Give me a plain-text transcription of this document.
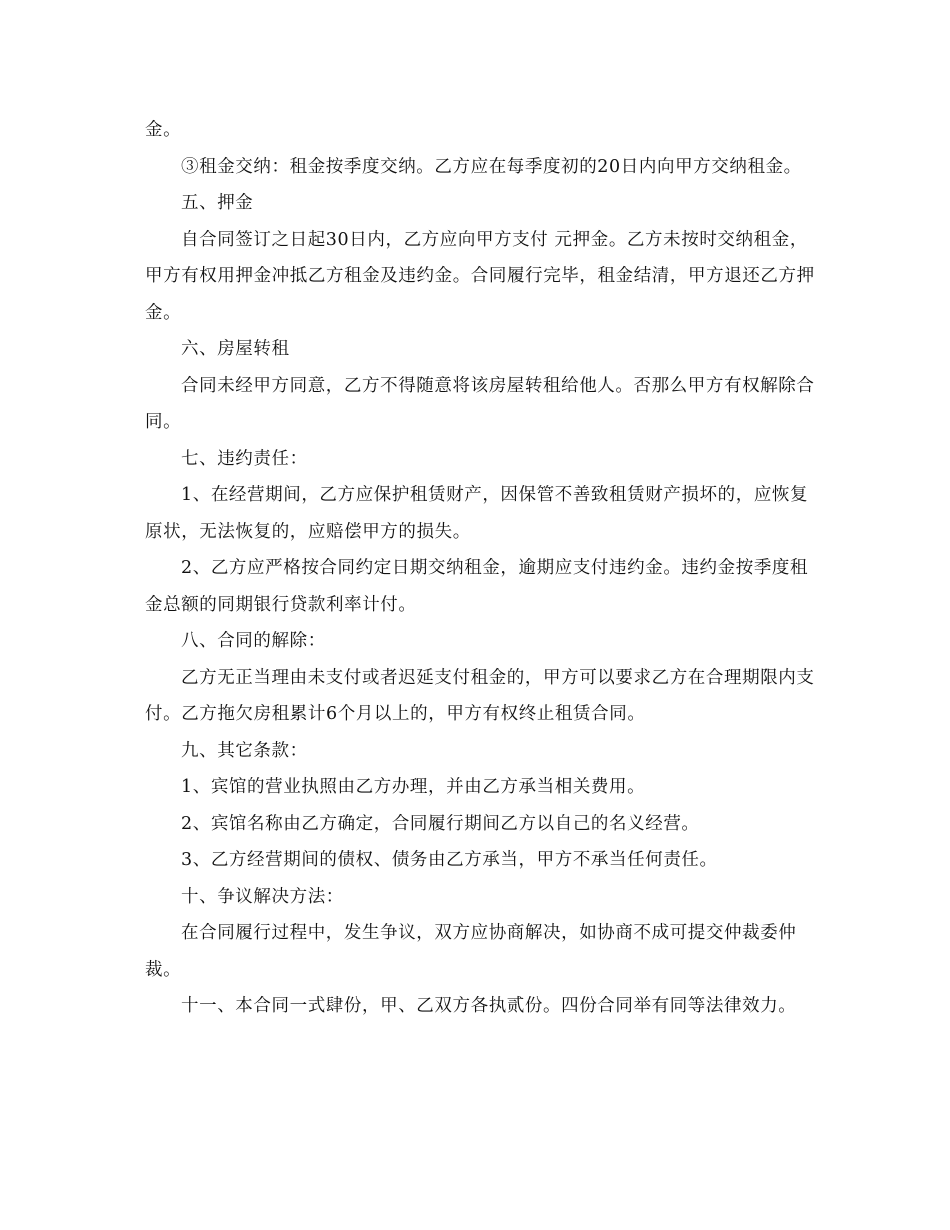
金。

③租金交纳：租金按季度交纳。乙方应在每季度初的20日内向甲方交纳租金。

五、押金

自合同签订之日起30日内，乙方应向甲方支付 元押金。乙方未按时交纳租金，甲方有权用押金冲抵乙方租金及违约金。合同履行完毕，租金结清，甲方退还乙方押金。

六、房屋转租

合同未经甲方同意，乙方不得随意将该房屋转租给他人。否那么甲方有权解除合同。

七、违约责任：

1、在经营期间，乙方应保护租赁财产，因保管不善致租赁财产损坏的，应恢复原状，无法恢复的，应赔偿甲方的损失。

2、乙方应严格按合同约定日期交纳租金，逾期应支付违约金。违约金按季度租金总额的同期银行贷款利率计付。

八、合同的解除：

乙方无正当理由未支付或者迟延支付租金的，甲方可以要求乙方在合理期限内支付。乙方拖欠房租累计6个月以上的，甲方有权终止租赁合同。

九、其它条款：

1、宾馆的营业执照由乙方办理，并由乙方承当相关费用。

2、宾馆名称由乙方确定，合同履行期间乙方以自己的名义经营。

3、乙方经营期间的债权、债务由乙方承当，甲方不承当任何责任。

十、争议解决方法：

在合同履行过程中，发生争议，双方应协商解决，如协商不成可提交仲裁委仲裁。

十一、本合同一式肆份，甲、乙双方各执贰份。四份合同举有同等法律效力。
